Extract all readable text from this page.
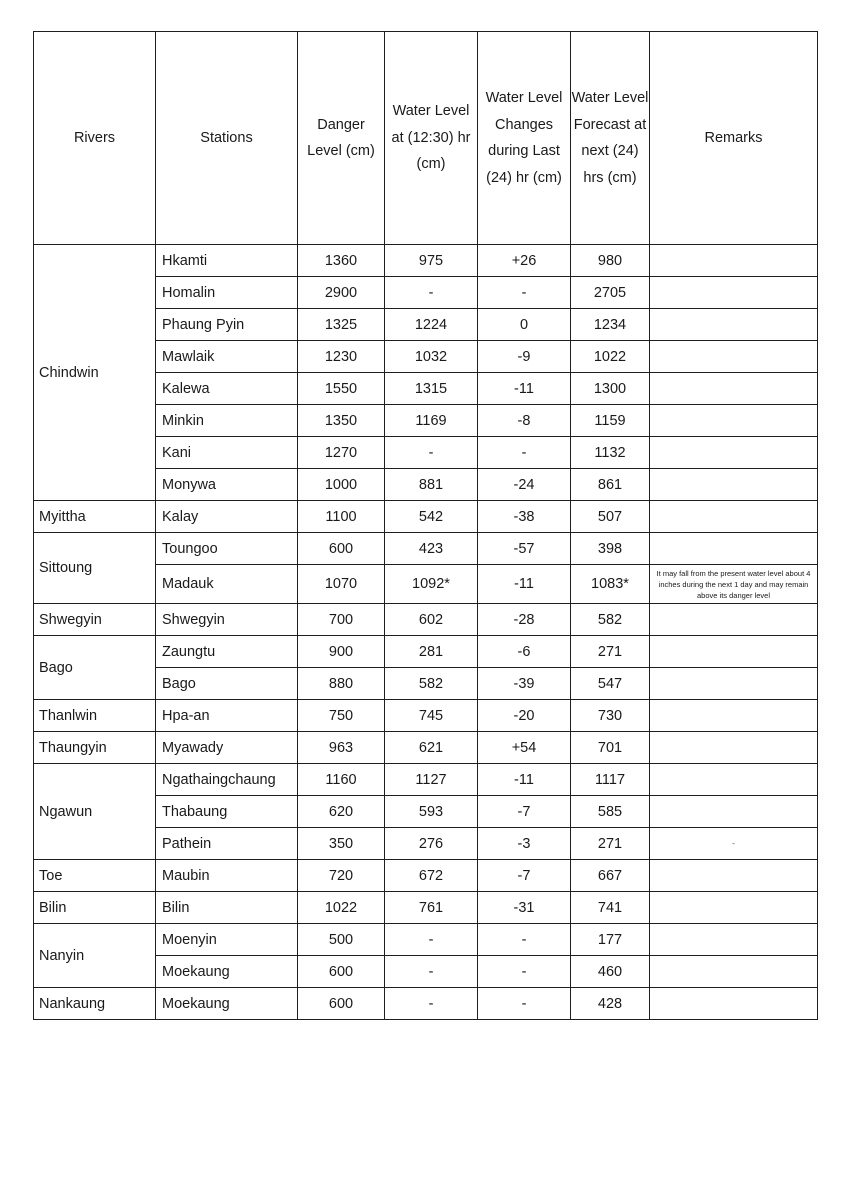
Rivers	Stations	Danger Level (cm)	Water Level at (12:30) hr (cm)	Water Level Changes during Last (24) hr (cm)	Water Level Forecast at next (24) hrs (cm)	Remarks
Chindwin	Hkamti	1360	975	+26	980	
	Homalin	2900	-	-	2705	
	Phaung Pyin	1325	1224	0	1234	
	Mawlaik	1230	1032	-9	1022	
	Kalewa	1550	1315	-11	1300	
	Minkin	1350	1169	-8	1159	
	Kani	1270	-	-	1132	
	Monywa	1000	881	-24	861	
Myittha	Kalay	1100	542	-38	507	
Sittoung	Toungoo	600	423	-57	398	
	Madauk	1070	1092*	-11	1083*	It may fall from the present water level about 4 inches during the next 1 day and may remain above its danger level
Shwegyin	Shwegyin	700	602	-28	582	
Bago	Zaungtu	900	281	-6	271	
	Bago	880	582	-39	547	
Thanlwin	Hpa-an	750	745	-20	730	
Thaungyin	Myawady	963	621	+54	701	
Ngawun	Ngathaingchaung	1160	1127	-11	1117	
	Thabaung	620	593	-7	585	
	Pathein	350	276	-3	271	-
Toe	Maubin	720	672	-7	667	
Bilin	Bilin	1022	761	-31	741	
Nanyin	Moenyin	500	-	-	177	
	Moekaung	600	-	-	460	
Nankaung	Moekaung	600	-	-	428	
